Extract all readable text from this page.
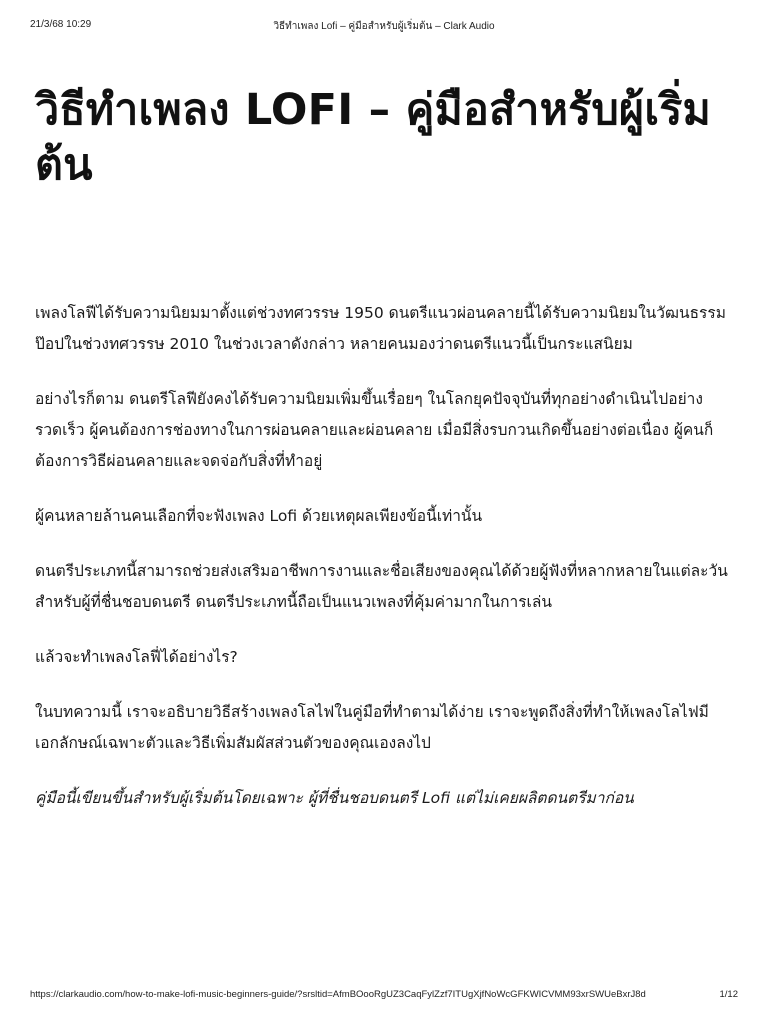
21/3/68 10:29	วิธีทำเพลง Lofi – คู่มือสำหรับผู้เริ่มต้น – Clark Audio
วิธีทำเพลง LOFI – คู่มือสำหรับผู้เริ่มต้น

เพลงโลฟีได้รับความนิยมมาตั้งแต่ช่วงทศวรรษ 1950 ดนตรีแนวผ่อนคลายนี้ได้รับความนิยมในวัฒนธรรมป๊อปในช่วงทศวรรษ 2010 ในช่วงเวลาดังกล่าว หลายคนมองว่าดนตรีแนวนี้เป็นกระแสนิยม

อย่างไรก็ตาม ดนตรีโลฟียังคงได้รับความนิยมเพิ่มขึ้นเรื่อยๆ ในโลกยุคปัจจุบันที่ทุกอย่างดำเนินไปอย่างรวดเร็ว ผู้คนต้องการช่องทางในการผ่อนคลายและผ่อนคลาย เมื่อมีสิ่งรบกวนเกิดขึ้นอย่างต่อเนื่อง ผู้คนก็ต้องการวิธีผ่อนคลายและจดจ่อกับสิ่งที่ทำอยู่

ผู้คนหลายล้านคนเลือกที่จะฟังเพลง Lofi ด้วยเหตุผลเพียงข้อนี้เท่านั้น

ดนตรีประเภทนี้สามารถช่วยส่งเสริมอาชีพการงานและชื่อเสียงของคุณได้ด้วยผู้ฟังที่หลากหลายในแต่ละวัน สำหรับผู้ที่ชื่นชอบดนตรี ดนตรีประเภทนี้ถือเป็นแนวเพลงที่คุ้มค่ามากในการเล่น

แล้วจะทำเพลงโลฟี่ได้อย่างไร?

ในบทความนี้ เราจะอธิบายวิธีสร้างเพลงโลไฟในคู่มือที่ทำตามได้ง่าย เราจะพูดถึงสิ่งที่ทำให้เพลงโลไฟมีเอกลักษณ์เฉพาะตัวและวิธีเพิ่มสัมผัสส่วนตัวของคุณเองลงไป

คู่มือนี้เขียนขึ้นสำหรับผู้เริ่มต้นโดยเฉพาะ ผู้ที่ชื่นชอบดนตรี Lofi แต่ไม่เคยผลิตดนตรีมาก่อน

https://clarkaudio.com/how-to-make-lofi-music-beginners-guide/?srsltid=AfmBOooRgUZ3CaqFylZzf7ITUgXjfNoWcGFKWICVMM93xrSWUeBxrJ8d	1/12
